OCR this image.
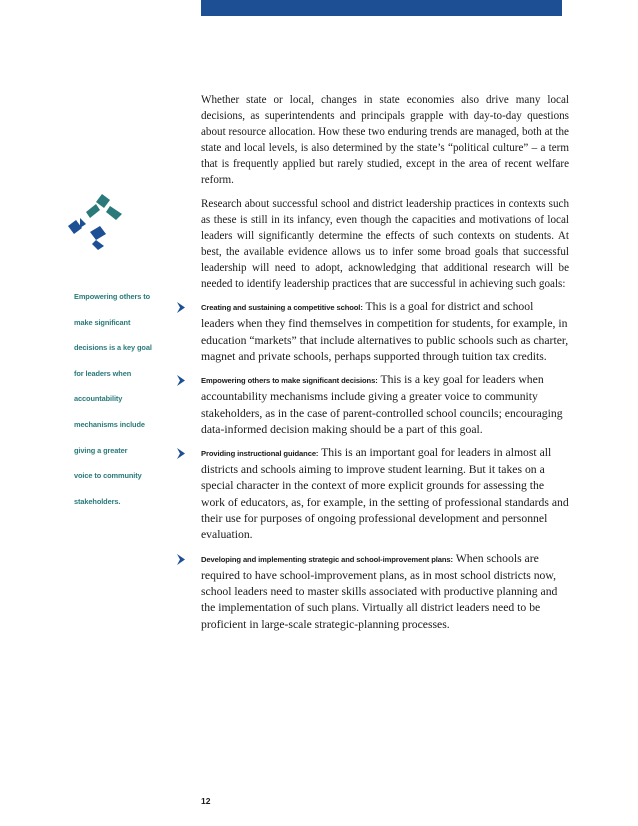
Empowering others to
make significant
decisions is a key goal
for leaders when
accountability
mechanisms include
giving a greater
voice to community
stakeholders.

Whether state or local, changes in state economies also drive many local decisions, as superintendents and principals grapple with day-to-day questions about resource allocation. How these two enduring trends are managed, both at the state and local levels, is also determined by the state’s “political culture” – a term that is frequently applied but rarely studied, except in the area of recent welfare reform.

Research about successful school and district leadership practices in contexts such as these is still in its infancy, even though the capacities and motivations of local leaders will significantly determine the effects of such contexts on students. At best, the available evidence allows us to infer some broad goals that successful leadership will need to adopt, acknowledging that additional research will be needed to identify leadership practices that are successful in achieving such goals:

Creating and sustaining a competitive school: This is a goal for district and school leaders when they find themselves in competition for students, for example, in education “markets” that include alternatives to public schools such as charter, magnet and private schools, perhaps supported through tuition tax credits.
Empowering others to make significant decisions: This is a key goal for leaders when accountability mechanisms include giving a greater voice to community stakeholders, as in the case of parent-controlled school councils; encouraging data-informed decision making should be a part of this goal.
Providing instructional guidance: This is an important goal for leaders in almost all districts and schools aiming to improve student learning. But it takes on a special character in the context of more explicit grounds for assessing the work of educators, as, for example, in the setting of professional standards and their use for purposes of ongoing professional development and personnel evaluation.
Developing and implementing strategic and school-improvement plans: When schools are required to have school-improvement plans, as in most school districts now, school leaders need to master skills associated with productive planning and the implementation of such plans. Virtually all district leaders need to be proficient in large-scale strategic-planning processes.
12
